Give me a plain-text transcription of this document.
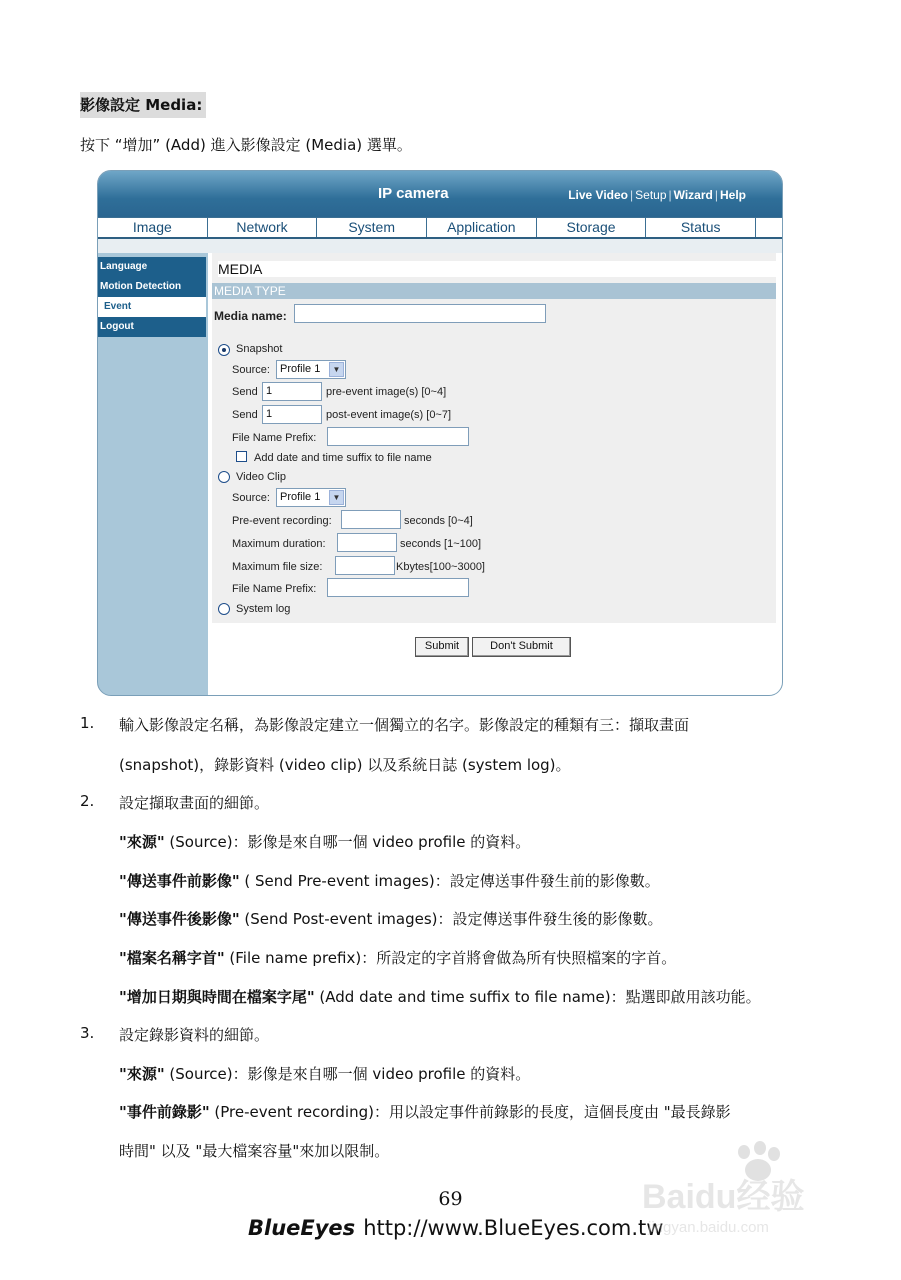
影像設定 Media:
按下 “增加” (Add) 進入影像設定 (Media) 選單。
IP camera	Live Video | Setup | Wizard | Help
Image	Network	System	Application	Storage	Status
Language
Motion Detection
Event
Logout
MEDIA
MEDIA TYPE
Media name:
Snapshot
Source: Profile 1	▼
Send 1	pre-event image(s) [0~4]
Send 1	post-event image(s) [0~7]
File Name Prefix:
Add date and time suffix to file name
Video Clip
Source: Profile 1	▼
Pre-event recording:	seconds [0~4]
Maximum duration:	seconds [1~100]
Maximum file size:	Kbytes[100~3000]
File Name Prefix:
System log
Submit	Don't Submit
1. 輸入影像設定名稱，為影像設定建立一個獨立的名字。影像設定的種類有三：擷取畫面
(snapshot)，錄影資料 (video clip) 以及系統日誌 (system log)。
2. 設定擷取畫面的細節。
"來源" (Source)：影像是來自哪一個 video profile 的資料。
"傳送事件前影像" ( Send Pre-event images)：設定傳送事件發生前的影像數。
"傳送事件後影像" (Send Post-event images)：設定傳送事件發生後的影像數。
"檔案名稱字首" (File name prefix)：所設定的字首將會做為所有快照檔案的字首。
"增加日期與時間在檔案字尾" (Add date and time suffix to file name)：點選即啟用該功能。
3. 設定錄影資料的細節。
"來源" (Source)：影像是來自哪一個 video profile 的資料。
"事件前錄影" (Pre-event recording)：用以設定事件前錄影的長度，這個長度由 "最長錄影
時間" 以及 "最大檔案容量"來加以限制。
69
BlueEyes http://www.BlueEyes.com.tw
Baidu经验
jingyan.baidu.com
